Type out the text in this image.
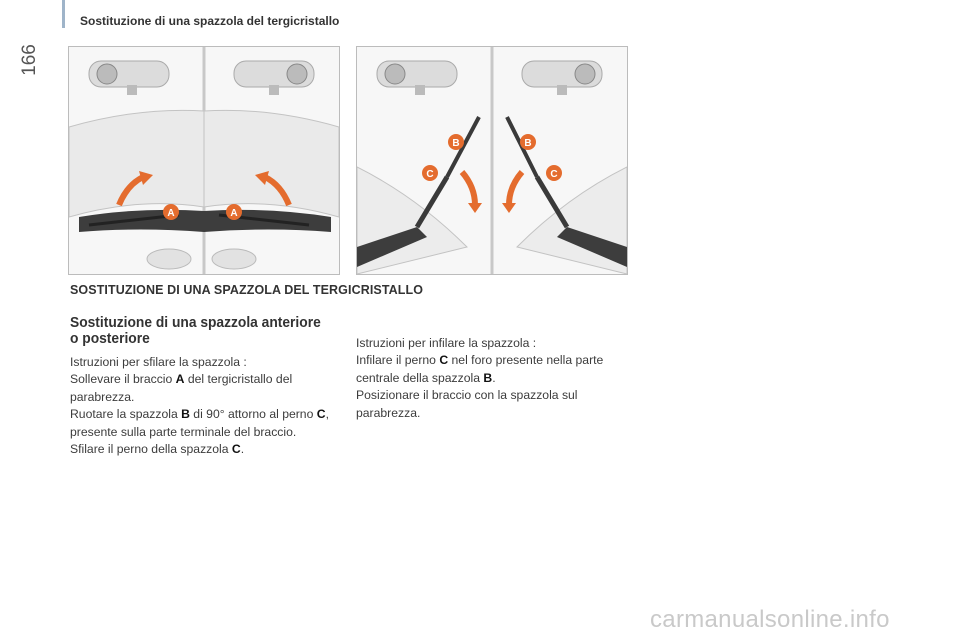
166
Sostituzione di una spazzola del tergicristallo
A	A
B
C
B
C
SOSTITUZIONE DI UNA SPAZZOLA DEL TERGICRISTALLO
Sostituzione di una spazzola anteriore
o posteriore

Istruzioni per sfilare la spazzola :

Sollevare il braccio A del tergicristallo del parabrezza.

Ruotare la spazzola B di 90° attorno al perno C, presente sulla parte terminale del braccio.

Sfilare il perno della spazzola C.

Istruzioni per infilare la spazzola :

Infilare il perno C nel foro presente nella parte centrale della spazzola B.

Posizionare il braccio con la spazzola sul parabrezza.

carmanualsonline.info
